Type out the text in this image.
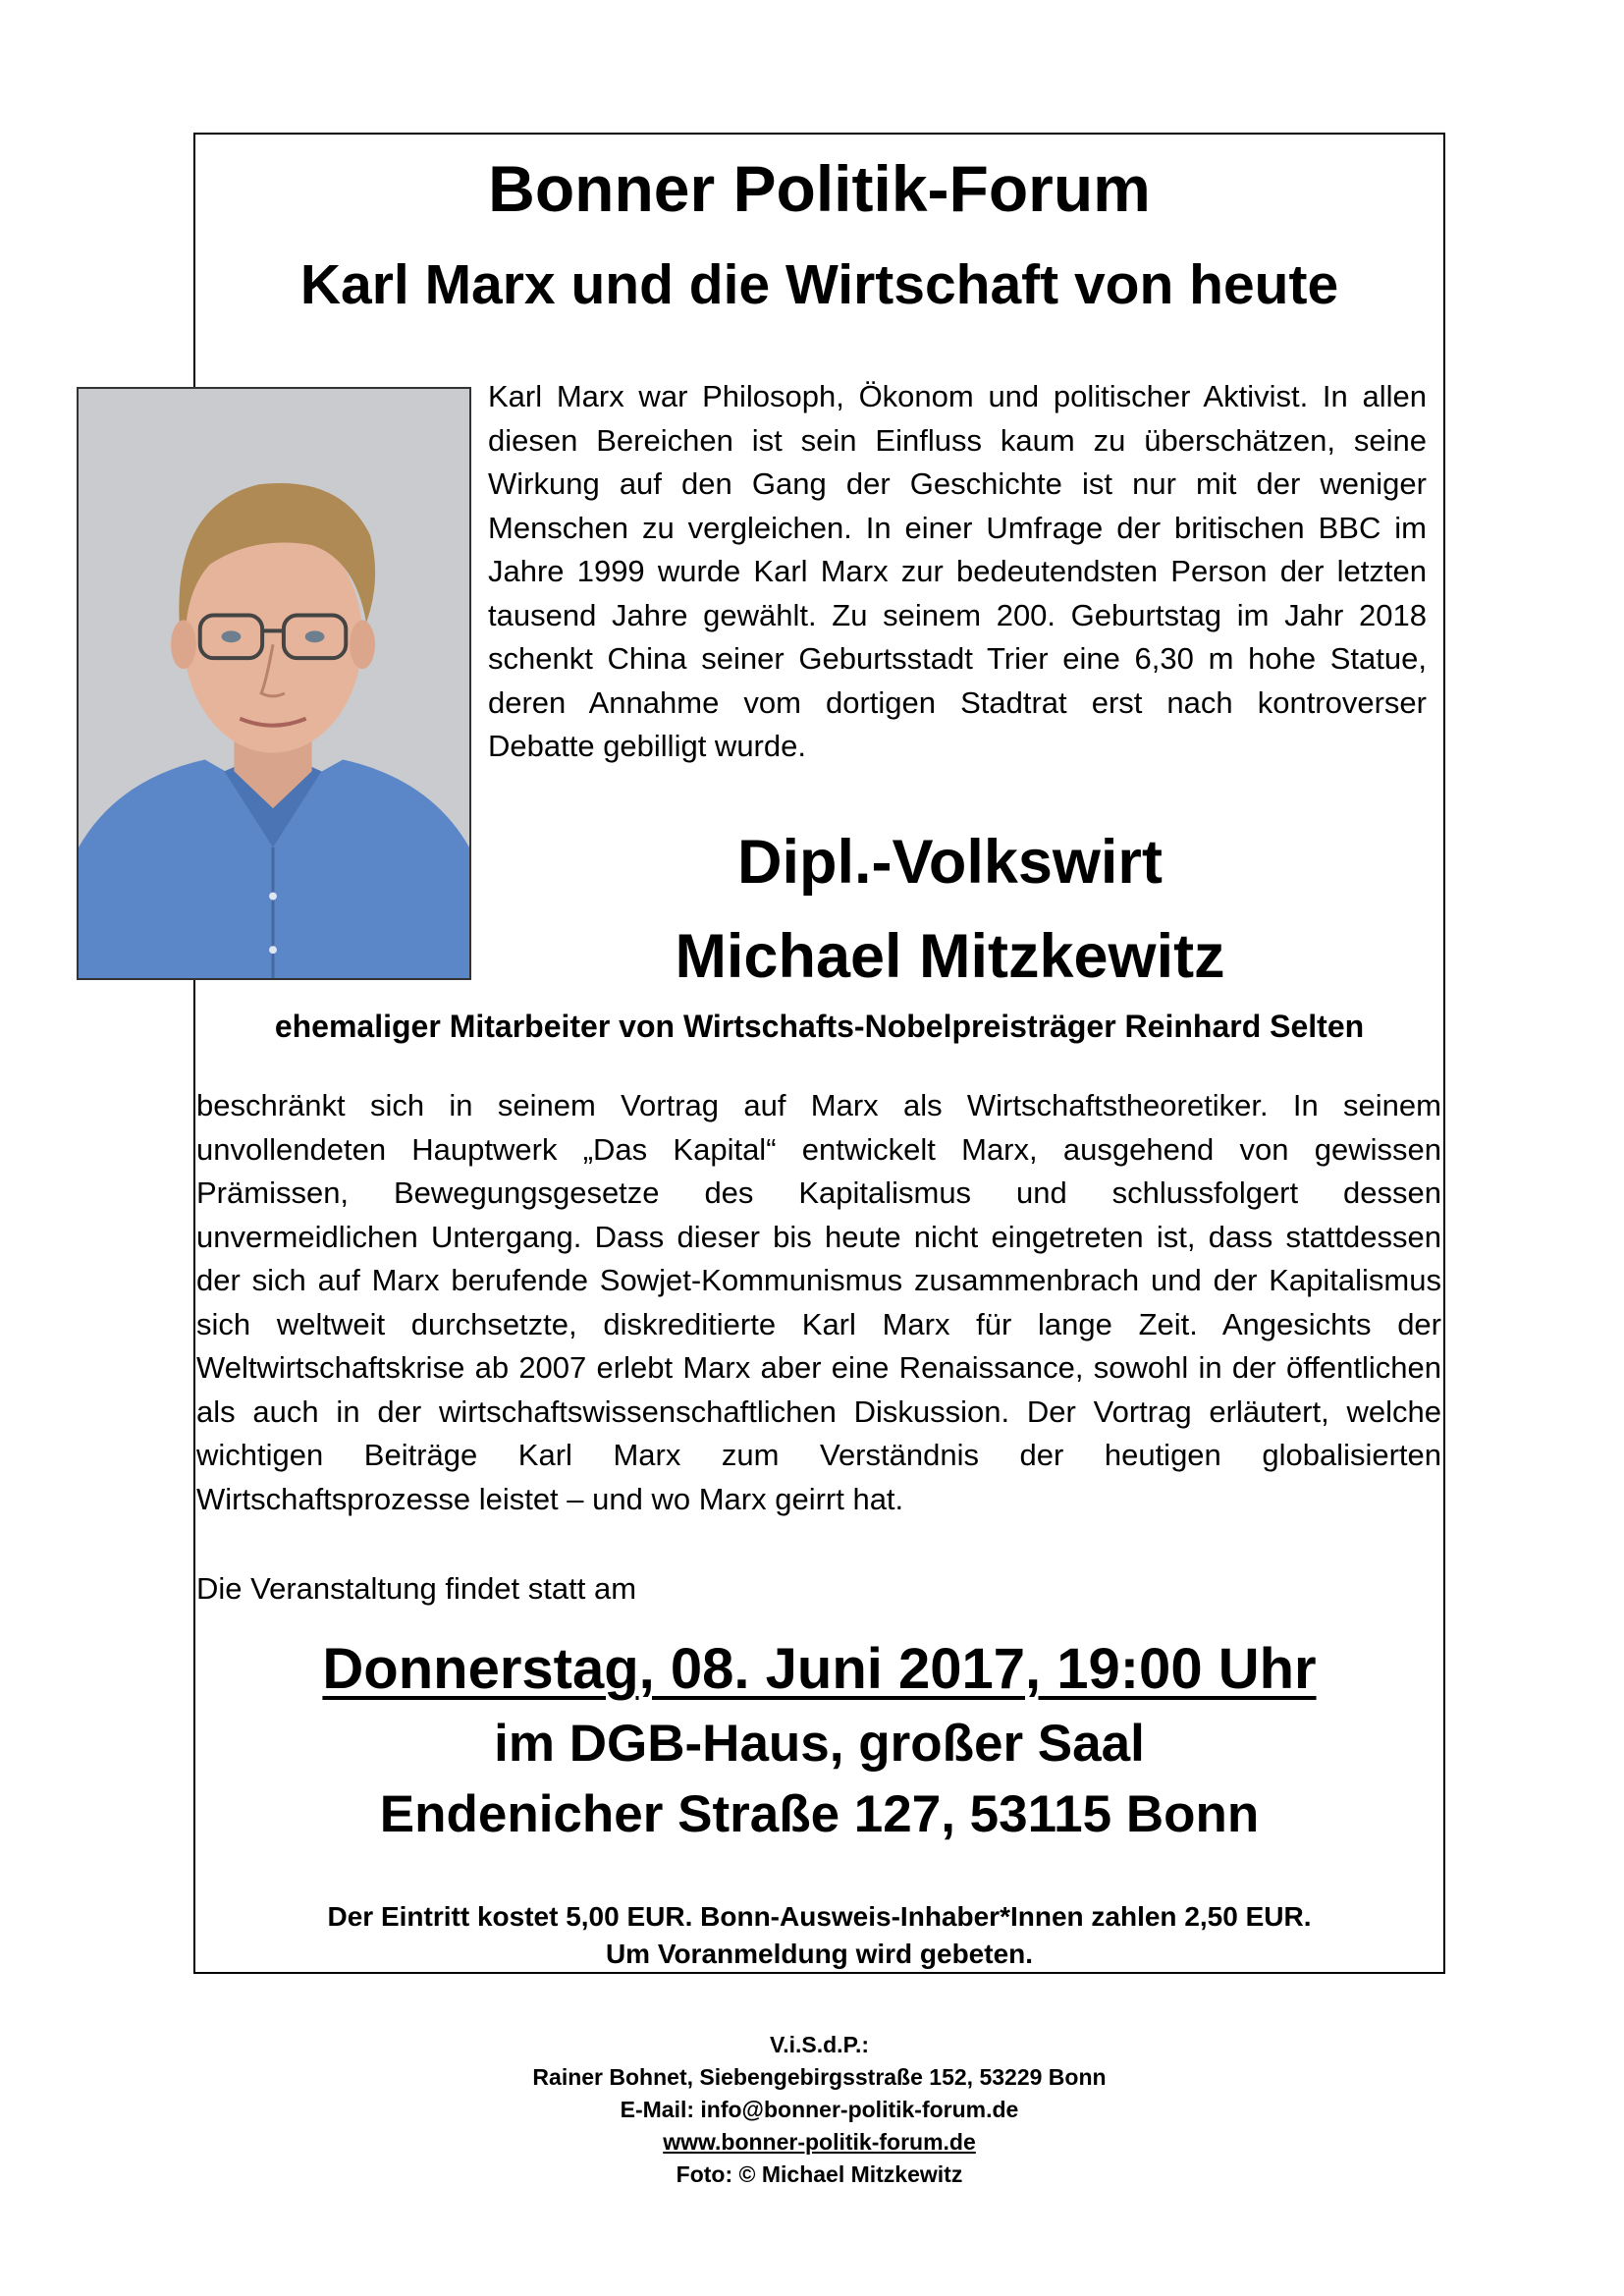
Bonner Politik-Forum
Karl Marx und die Wirtschaft von heute

Karl Marx war Philosoph, Ökonom und politischer Aktivist. In allen diesen Bereichen ist sein Einfluss kaum zu überschätzen, seine Wirkung auf den Gang der Geschichte ist nur mit der weniger Menschen zu vergleichen. In einer Umfrage der britischen BBC im Jahre 1999 wurde Karl Marx zur bedeutendsten Person der letzten tausend Jahre gewählt. Zu seinem 200. Geburtstag im Jahr 2018 schenkt China seiner Geburtsstadt Trier eine 6,30 m hohe Statue, deren Annahme vom dortigen Stadtrat erst nach kontroverser Debatte gebilligt wurde.

Dipl.-Volkswirt
Michael Mitzkewitz

ehemaliger Mitarbeiter von Wirtschafts-Nobelpreisträger Reinhard Selten

beschränkt sich in seinem Vortrag auf Marx als Wirtschaftstheoretiker. In seinem unvollendeten Hauptwerk „Das Kapital“ entwickelt Marx, ausgehend von gewissen Prämissen, Bewegungsgesetze des Kapitalismus und schlussfolgert dessen unvermeidlichen Untergang. Dass dieser bis heute nicht eingetreten ist, dass stattdessen der sich auf Marx berufende Sowjet-Kommunismus zusammenbrach und der Kapitalismus sich weltweit durchsetzte, diskreditierte Karl Marx für lange Zeit. Angesichts der Weltwirtschaftskrise ab 2007 erlebt Marx aber eine Renaissance, sowohl in der öffentlichen als auch in der wirtschaftswissenschaftlichen Diskussion. Der Vortrag erläutert, welche wichtigen Beiträge Karl Marx zum Verständnis der heutigen globalisierten Wirtschaftsprozesse leistet – und wo Marx geirrt hat.

Die Veranstaltung findet statt am

Donnerstag, 08. Juni 2017, 19:00 Uhr

im DGB-Haus, großer Saal

Endenicher Straße 127, 53115 Bonn

Der Eintritt kostet 5,00 EUR. Bonn-Ausweis-Inhaber*Innen zahlen 2,50 EUR.
Um Voranmeldung wird gebeten.

V.i.S.d.P.:
Rainer Bohnet, Siebengebirgsstraße 152, 53229 Bonn
E-Mail: info@bonner-politik-forum.de
www.bonner-politik-forum.de
Foto: © Michael Mitzkewitz
